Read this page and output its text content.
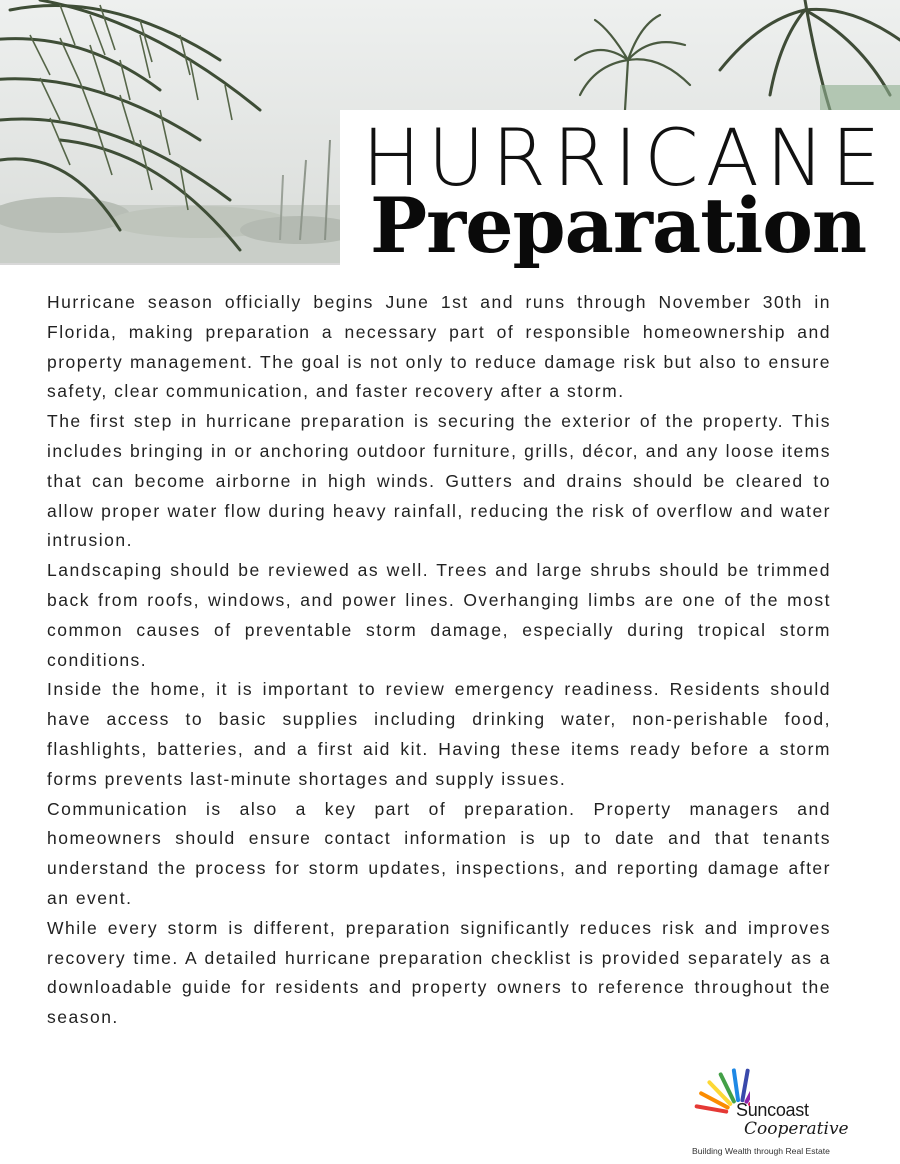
HURRICANE
Preparation

Hurricane season officially begins June 1st and runs through November 30th in Florida, making preparation a necessary part of responsible homeownership and property management. The goal is not only to reduce damage risk but also to ensure safety, clear communication, and faster recovery after a storm.

The first step in hurricane preparation is securing the exterior of the property. This includes bringing in or anchoring outdoor furniture, grills, décor, and any loose items that can become airborne in high winds. Gutters and drains should be cleared to allow proper water flow during heavy rainfall, reducing the risk of overflow and water intrusion.

Landscaping should be reviewed as well. Trees and large shrubs should be trimmed back from roofs, windows, and power lines. Overhanging limbs are one of the most common causes of preventable storm damage, especially during tropical storm conditions.

Inside the home, it is important to review emergency readiness. Residents should have access to basic supplies including drinking water, non-perishable food, flashlights, batteries, and a first aid kit. Having these items ready before a storm forms prevents last-minute shortages and supply issues.

Communication is also a key part of preparation. Property managers and homeowners should ensure contact information is up to date and that tenants understand the process for storm updates, inspections, and reporting damage after an event.

While every storm is different, preparation significantly reduces risk and improves recovery time. A detailed hurricane preparation checklist is provided separately as a downloadable guide for residents and property owners to reference throughout the season.

Suncoast
Cooperative
Building Wealth through Real Estate
